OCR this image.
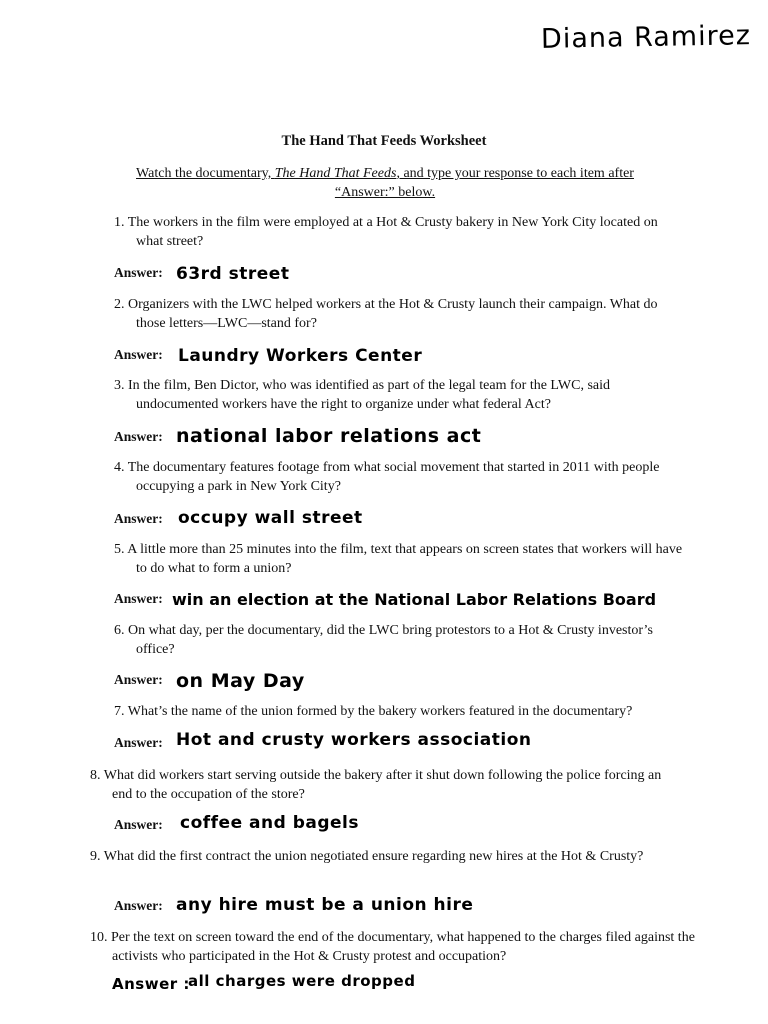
Diana Ramirez
The Hand That Feeds Worksheet
Watch the documentary, The Hand That Feeds, and type your response to each item after “Answer:” below.
1. The workers in the film were employed at a Hot & Crusty bakery in New York City located on what street?
Answer: 63rd street
2. Organizers with the LWC helped workers at the Hot & Crusty launch their campaign. What do those letters—LWC—stand for?
Answer: Laundry Workers Center
3. In the film, Ben Dictor, who was identified as part of the legal team for the LWC, said undocumented workers have the right to organize under what federal Act?
Answer: national labor relations act
4. The documentary features footage from what social movement that started in 2011 with people occupying a park in New York City?
Answer: occupy wall street
5. A little more than 25 minutes into the film, text that appears on screen states that workers will have to do what to form a union?
Answer: win an election at the National Labor Relations Board
6. On what day, per the documentary, did the LWC bring protestors to a Hot & Crusty investor’s office?
Answer: on May Day
7. What’s the name of the union formed by the bakery workers featured in the documentary?
Answer: Hot and crusty workers association
8. What did workers start serving outside the bakery after it shut down following the police forcing an end to the occupation of the store?
Answer: coffee and bagels
9. What did the first contract the union negotiated ensure regarding new hires at the Hot & Crusty?
Answer: any hire must be a union hire
10. Per the text on screen toward the end of the documentary, what happened to the charges filed against the activists who participated in the Hot & Crusty protest and occupation?
Answer :
all charges were dropped
